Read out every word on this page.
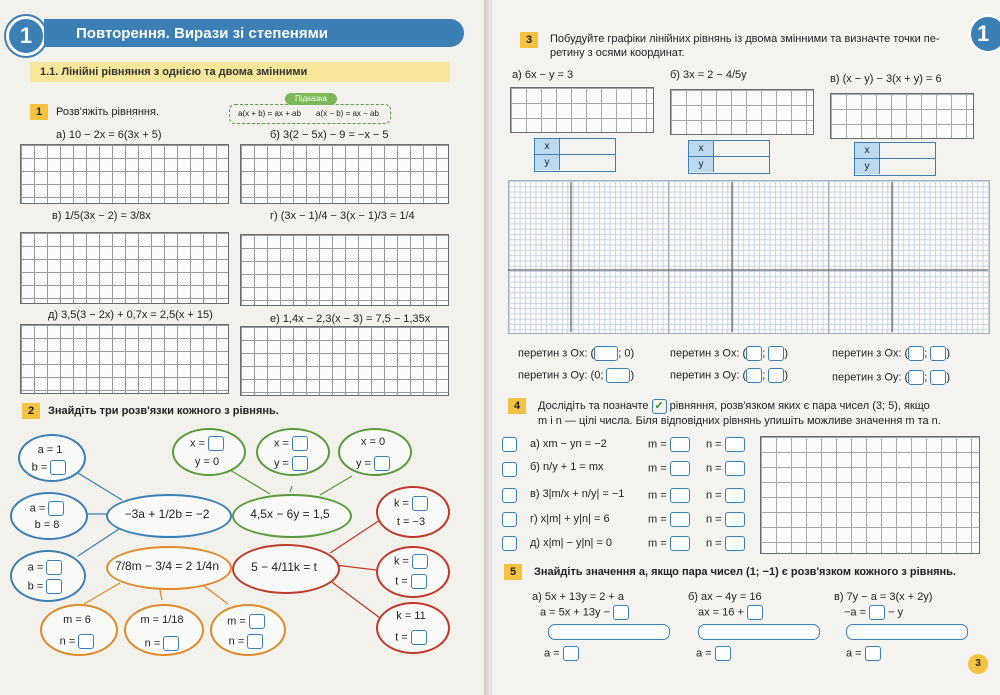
1	Повторення. Вирази зі степенями
1.1. Лінійні рівняння з однією та двома змінними
1	Розв'яжіть рівняння.
Підказка
a(x + b) = ax + ab a(x − b) = ax − ab
а) 10 − 2x = 6(3x + 5)	б) 3(2 − 5x) − 9 = −x − 5
в) 1/5(3x − 2) = 3/8x	г) (3x − 1)/4 − 3(x − 1)/3 = 1/4
д) 3,5(3 − 2x) + 0,7x = 2,5(x + 15)	е) 1,4x − 2,3(x − 3) = 7,5 − 1,35x
2	Знайдіть три розв'язки кожного з рівнянь.
a = 1
b =
a =
b = 8
a =
b =
−3a + 1/2b = −2
x =
y = 0
x =
y =
x = 0
y =
4,5x − 6y = 1,5
7/8m − 3/4 = 2 1/4n
m = 6
n =
m = 1/18
n =
m =
n =
5 − 4/11k = t
k =
t = −3
k =
t =
k = 11
t =
1
3	Побудуйте графіки лінійних рівнянь із двома змінними та визначте точки пе-
ретину з осями координат.
а) 6x − y = 3	б) 3x = 2 − 4/5y	в) (x − y) − 3(x + y) = 6
x
y
x
y
x
y
перетин з Ox: ( ; 0)	перетин з Ox: ( ; )	перетин з Ox: ( ; )
перетин з Oy: (0; )	перетин з Oy: ( ; )	перетин з Oy: ( ; )
4	Дослідіть та позначте ✓ рівняння, розв'язком яких є пара чисел (3; 5), якщо
m і n — цілі числа. Біля відповідних рівнянь упишіть можливе значення m та n.
а) xm − yn = −2
б) n/y + 1 = mx
в) 3|m/x + n/y| = −1
г) x|m| + y|n| = 6
д) x|m| − y|n| = 0
m =	n =
m =	n =
m =	n =
m =	n =
m =	n =
5	Знайдіть значення a, якщо пара чисел (1; −1) є розв'язком кожного з рівнянь.
а) 5x + 13y = 2 + a
a = 5x + 13y −
a =
б) ax − 4y = 16
ax = 16 +
a =
в) 7y − a = 3(x + 2y)
−a = − y
a =
3
